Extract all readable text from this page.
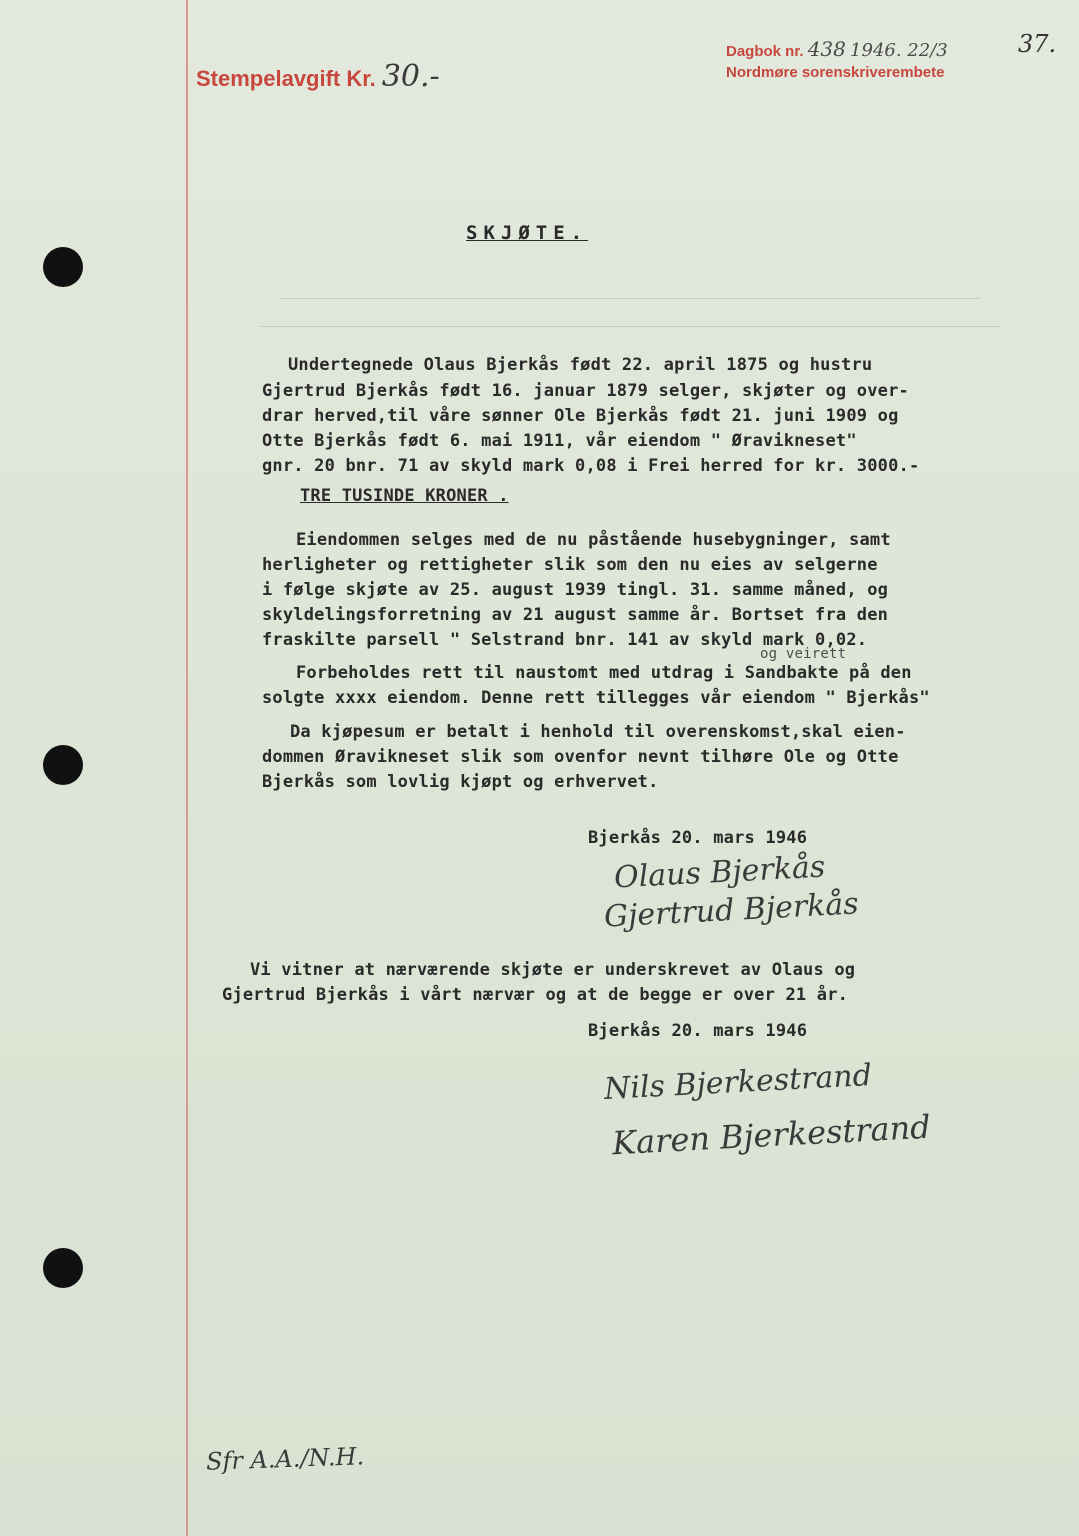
Stempelavgift Kr. 30.-
Dagbok nr. 438 1946. 22/3
Nordmøre sorenskriverembete
37.
SKJØTE.
Undertegnede Olaus Bjerkås født 22. april 1875 og hustru
Gjertrud Bjerkås født 16. januar 1879 selger, skjøter og over-
drar herved,til våre sønner Ole Bjerkås født 21. juni 1909 og
Otte Bjerkås født 6. mai 1911, vår eiendom " Øravikneset"
gnr. 20 bnr. 71 av skyld mark 0,08 i Frei herred for kr. 3000.-
TRE TUSINDE KRONER .
Eiendommen selges med de nu påstående husebygninger, samt
herligheter og rettigheter slik som den nu eies av selgerne
i følge skjøte av 25. august 1939 tingl. 31. samme måned, og
skyldelingsforretning av 21 august samme år. Bortset fra den
fraskilte parsell " Selstrand bnr. 141 av skyld mark 0,02.
og veirett
Forbeholdes rett til naustomt med utdrag i Sandbakte på den
solgte xxxx eiendom. Denne rett tillegges vår eiendom " Bjerkås"
Da kjøpesum er betalt i henhold til overenskomst,skal eien-
dommen Øravikneset slik som ovenfor nevnt tilhøre Ole og Otte
Bjerkås som lovlig kjøpt og erhvervet.
Bjerkås 20. mars 1946
Olaus Bjerkås
Gjertrud Bjerkås
Vi vitner at nærværende skjøte er underskrevet av Olaus og
Gjertrud Bjerkås i vårt nærvær og at de begge er over 21 år.
Bjerkås 20. mars 1946
Nils Bjerkestrand
Karen Bjerkestrand
Sfr A.A./N.H.
